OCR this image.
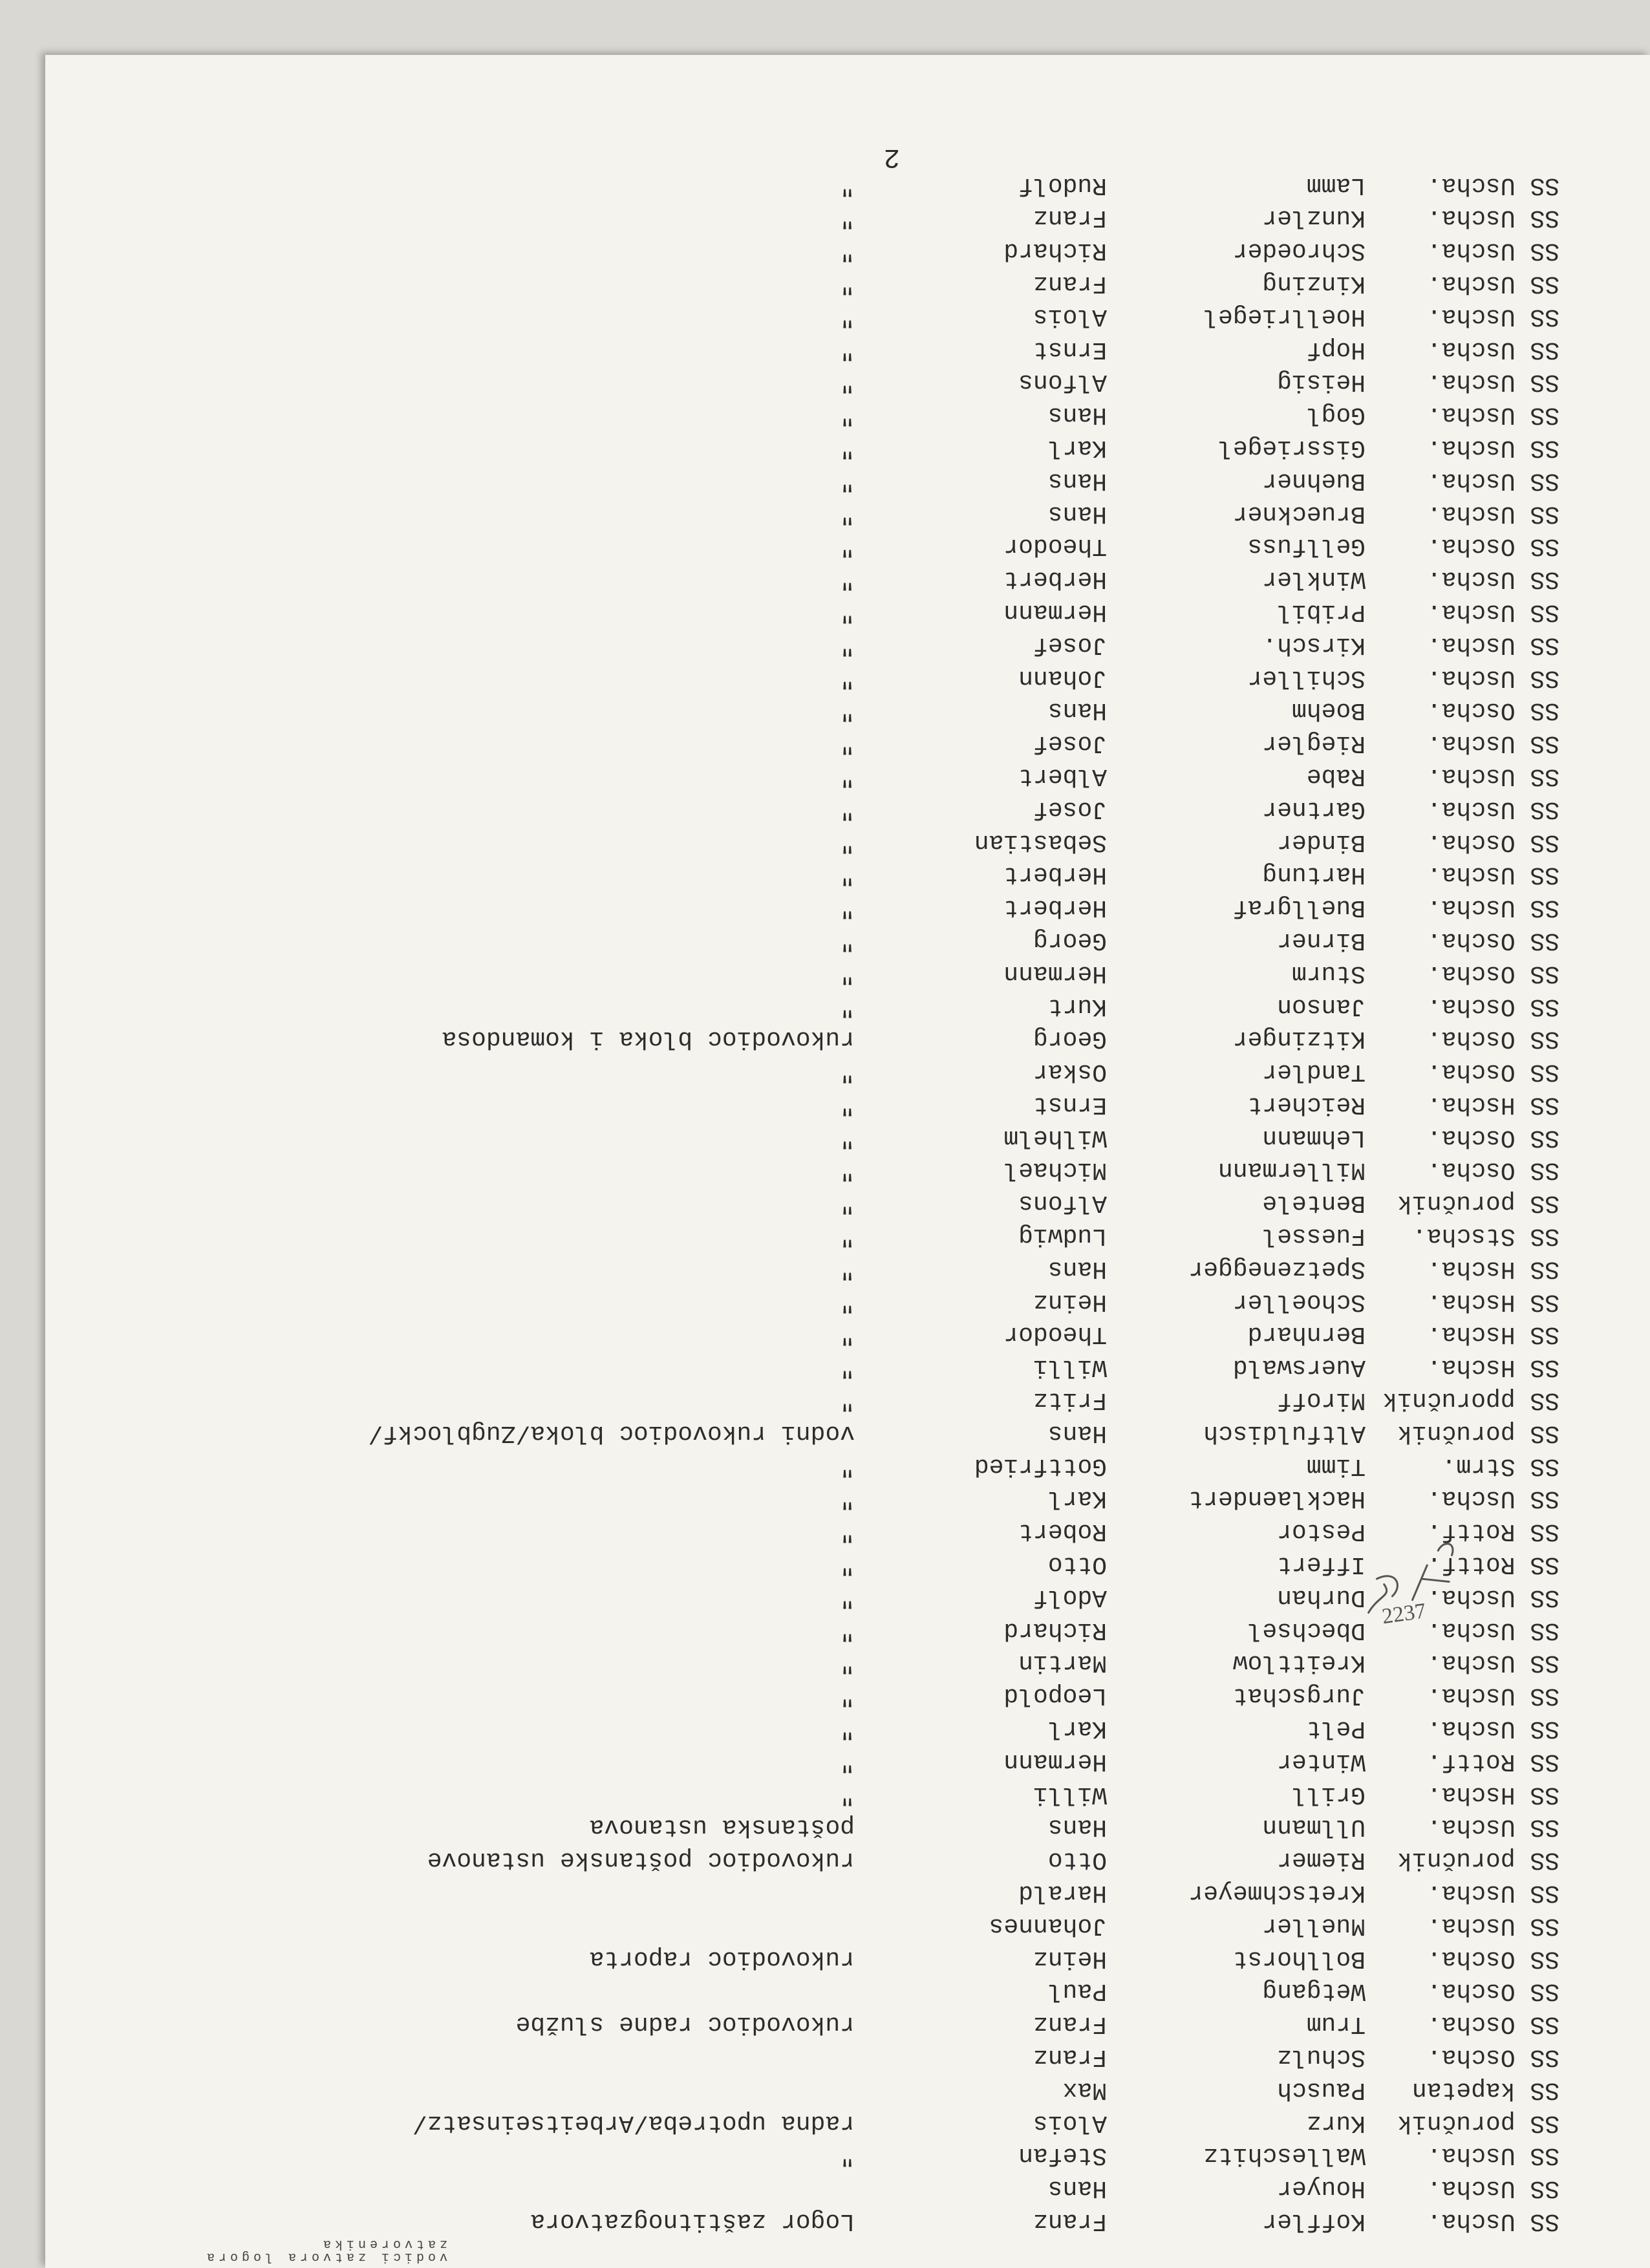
vodici zatvora logora zatvorenika
SS Uscha.
Koffler
Franz
Logor zaštitnogzatvora
SS Uscha.
Houyer
Hans
SS Uscha.
Walleschitz
Stefan
"
SS poručnik
Kurz
Alois
radna upotreba/Arbeitseinsatz/
SS kapetan
Pausch
Max
SS Oscha.
Schulz
Franz
SS Oscha.
Trum
Franz
rukovodioc radne službe
SS Oscha.
Wetgang
Paul
SS Oscha.
Bollhorst
Heinz
rukovodioc raporta
SS Uscha.
Mueller
Johannes
SS Uscha.
Kretschmeyer
Harald
SS poručnik
Riemer
Otto
rukovodioc poštanske ustanove
SS Uscha.
Ullmann
Hans
poštanska ustanova
SS Hscha.
Grill
Willi
"
SS Rottf.
Winter
Hermann
"
SS Uscha.
Pelt
Karl
"
SS Uscha.
Jurgschat
Leopold
"
SS Uscha.
Kreittlow
Martin
"
SS Uscha.
Dbechsel
Richard
"
SS Uscha.
Durhan
Adolf
"
SS Rottf.
Iffert
Otto
"
SS Rottf.
Pestor
Robert
"
SS Uscha.
Hacklaendert
Karl
"
SS Strm.
Timm
Gottfried
"
SS poručnik
Altfuldisch
Hans
vodni rukovodioc bloka/Zugblockf/
SS pporučnik
Miroff
Fritz
"
SS Hscha.
Auerswald
Willi
"
SS Hscha.
Bernhard
Theodor
"
SS Hscha.
Schoeller
Heinz
"
SS Hscha.
Spetzenegger
Hans
"
SS Stscha.
Fuessel
Ludwig
"
SS poručnik
Bentele
Alfons
"
SS Oscha.
Millermann
Michael
"
SS Oscha.
Lehmann
Wilhelm
"
SS Hscha.
Reichert
Ernst
"
SS Oscha.
Tandler
Oskar
"
SS Oscha.
Kitzinger
Georg
rukovodioc bloka i komandosa
SS Oscha.
Janson
Kurt
"
SS Oscha.
Sturm
Hermann
"
SS Oscha.
Birner
Georg
"
SS Uscha.
Buellgraf
Herbert
"
SS Uscha.
Hartung
Herbert
"
SS Oscha.
Binder
Sebastian
"
SS Uscha.
Gartner
Josef
"
SS Uscha.
Rabe
Albert
"
SS Uscha.
Riegler
Josef
"
SS Oscha.
Boehm
Hans
"
SS Uscha.
Schiller
Johann
"
SS Uscha.
Kirsch.
Josef
"
SS Uscha.
Pribil
Hermann
"
SS Uscha.
Winkler
Herbert
"
SS Oscha.
Gellfuss
Theodor
"
SS Uscha.
Brueckner
Hans
"
SS Uscha.
Buehner
Hans
"
SS Uscha.
Gissriegel
Karl
"
SS Uscha.
Gogl
Hans
"
SS Uscha.
Heisig
Alfons
"
SS Uscha.
Hopf
Ernst
"
SS Uscha.
Hoellriegel
Alois
"
SS Uscha.
Kinzing
Franz
"
SS Uscha.
Schroeder
Richard
"
SS Uscha.
Kunzler
Franz
"
SS Uscha.
Lamm
Rudolf
"
2
2237
